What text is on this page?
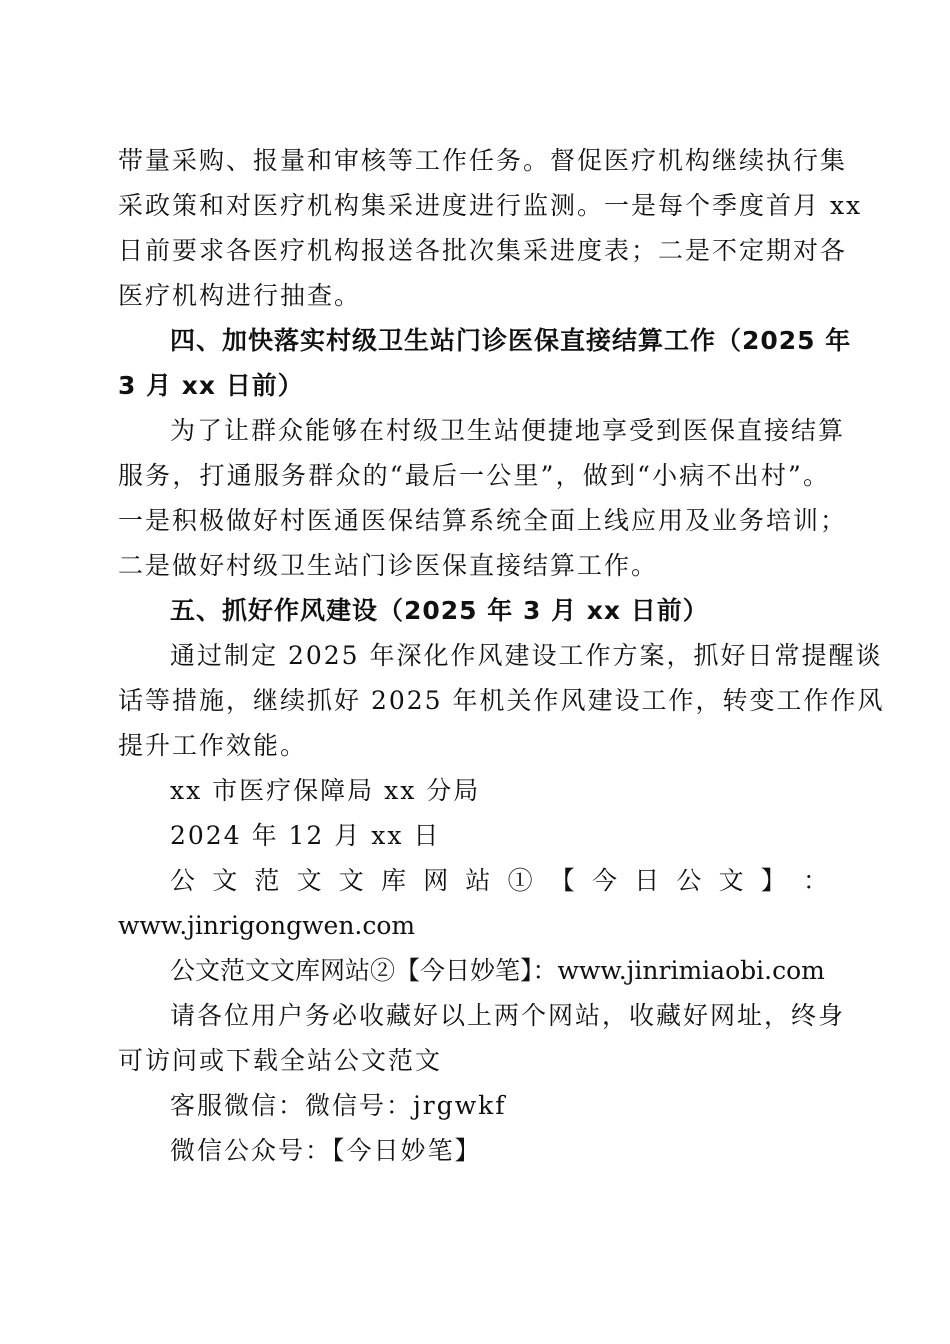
带量采购、报量和审核等工作任务。督促医疗机构继续执行集
采政策和对医疗机构集采进度进行监测。一是每个季度首月 xx
日前要求各医疗机构报送各批次集采进度表；二是不定期对各
医疗机构进行抽查。
四、加快落实村级卫生站门诊医保直接结算工作（2025 年
3 月 xx 日前）
为了让群众能够在村级卫生站便捷地享受到医保直接结算
服务，打通服务群众的“最后一公里”，做到“小病不出村”。
一是积极做好村医通医保结算系统全面上线应用及业务培训；
二是做好村级卫生站门诊医保直接结算工作。
五、抓好作风建设（2025 年 3 月 xx 日前）
通过制定 2025 年深化作风建设工作方案，抓好日常提醒谈
话等措施，继续抓好 2025 年机关作风建设工作，转变工作作风
提升工作效能。
xx 市医疗保障局 xx 分局
2024 年 12 月 xx 日
公 文 范 文 文 库 网 站 ① 【 今 日 公 文 】 ：
www.jinrigongwen.com
公文范文文库网站②【今日妙笔】：www.jinrimiaobi.com
请各位用户务必收藏好以上两个网站，收藏好网址，终身
可访问或下载全站公文范文
客服微信：微信号：jrgwkf
微信公众号：【今日妙笔】
